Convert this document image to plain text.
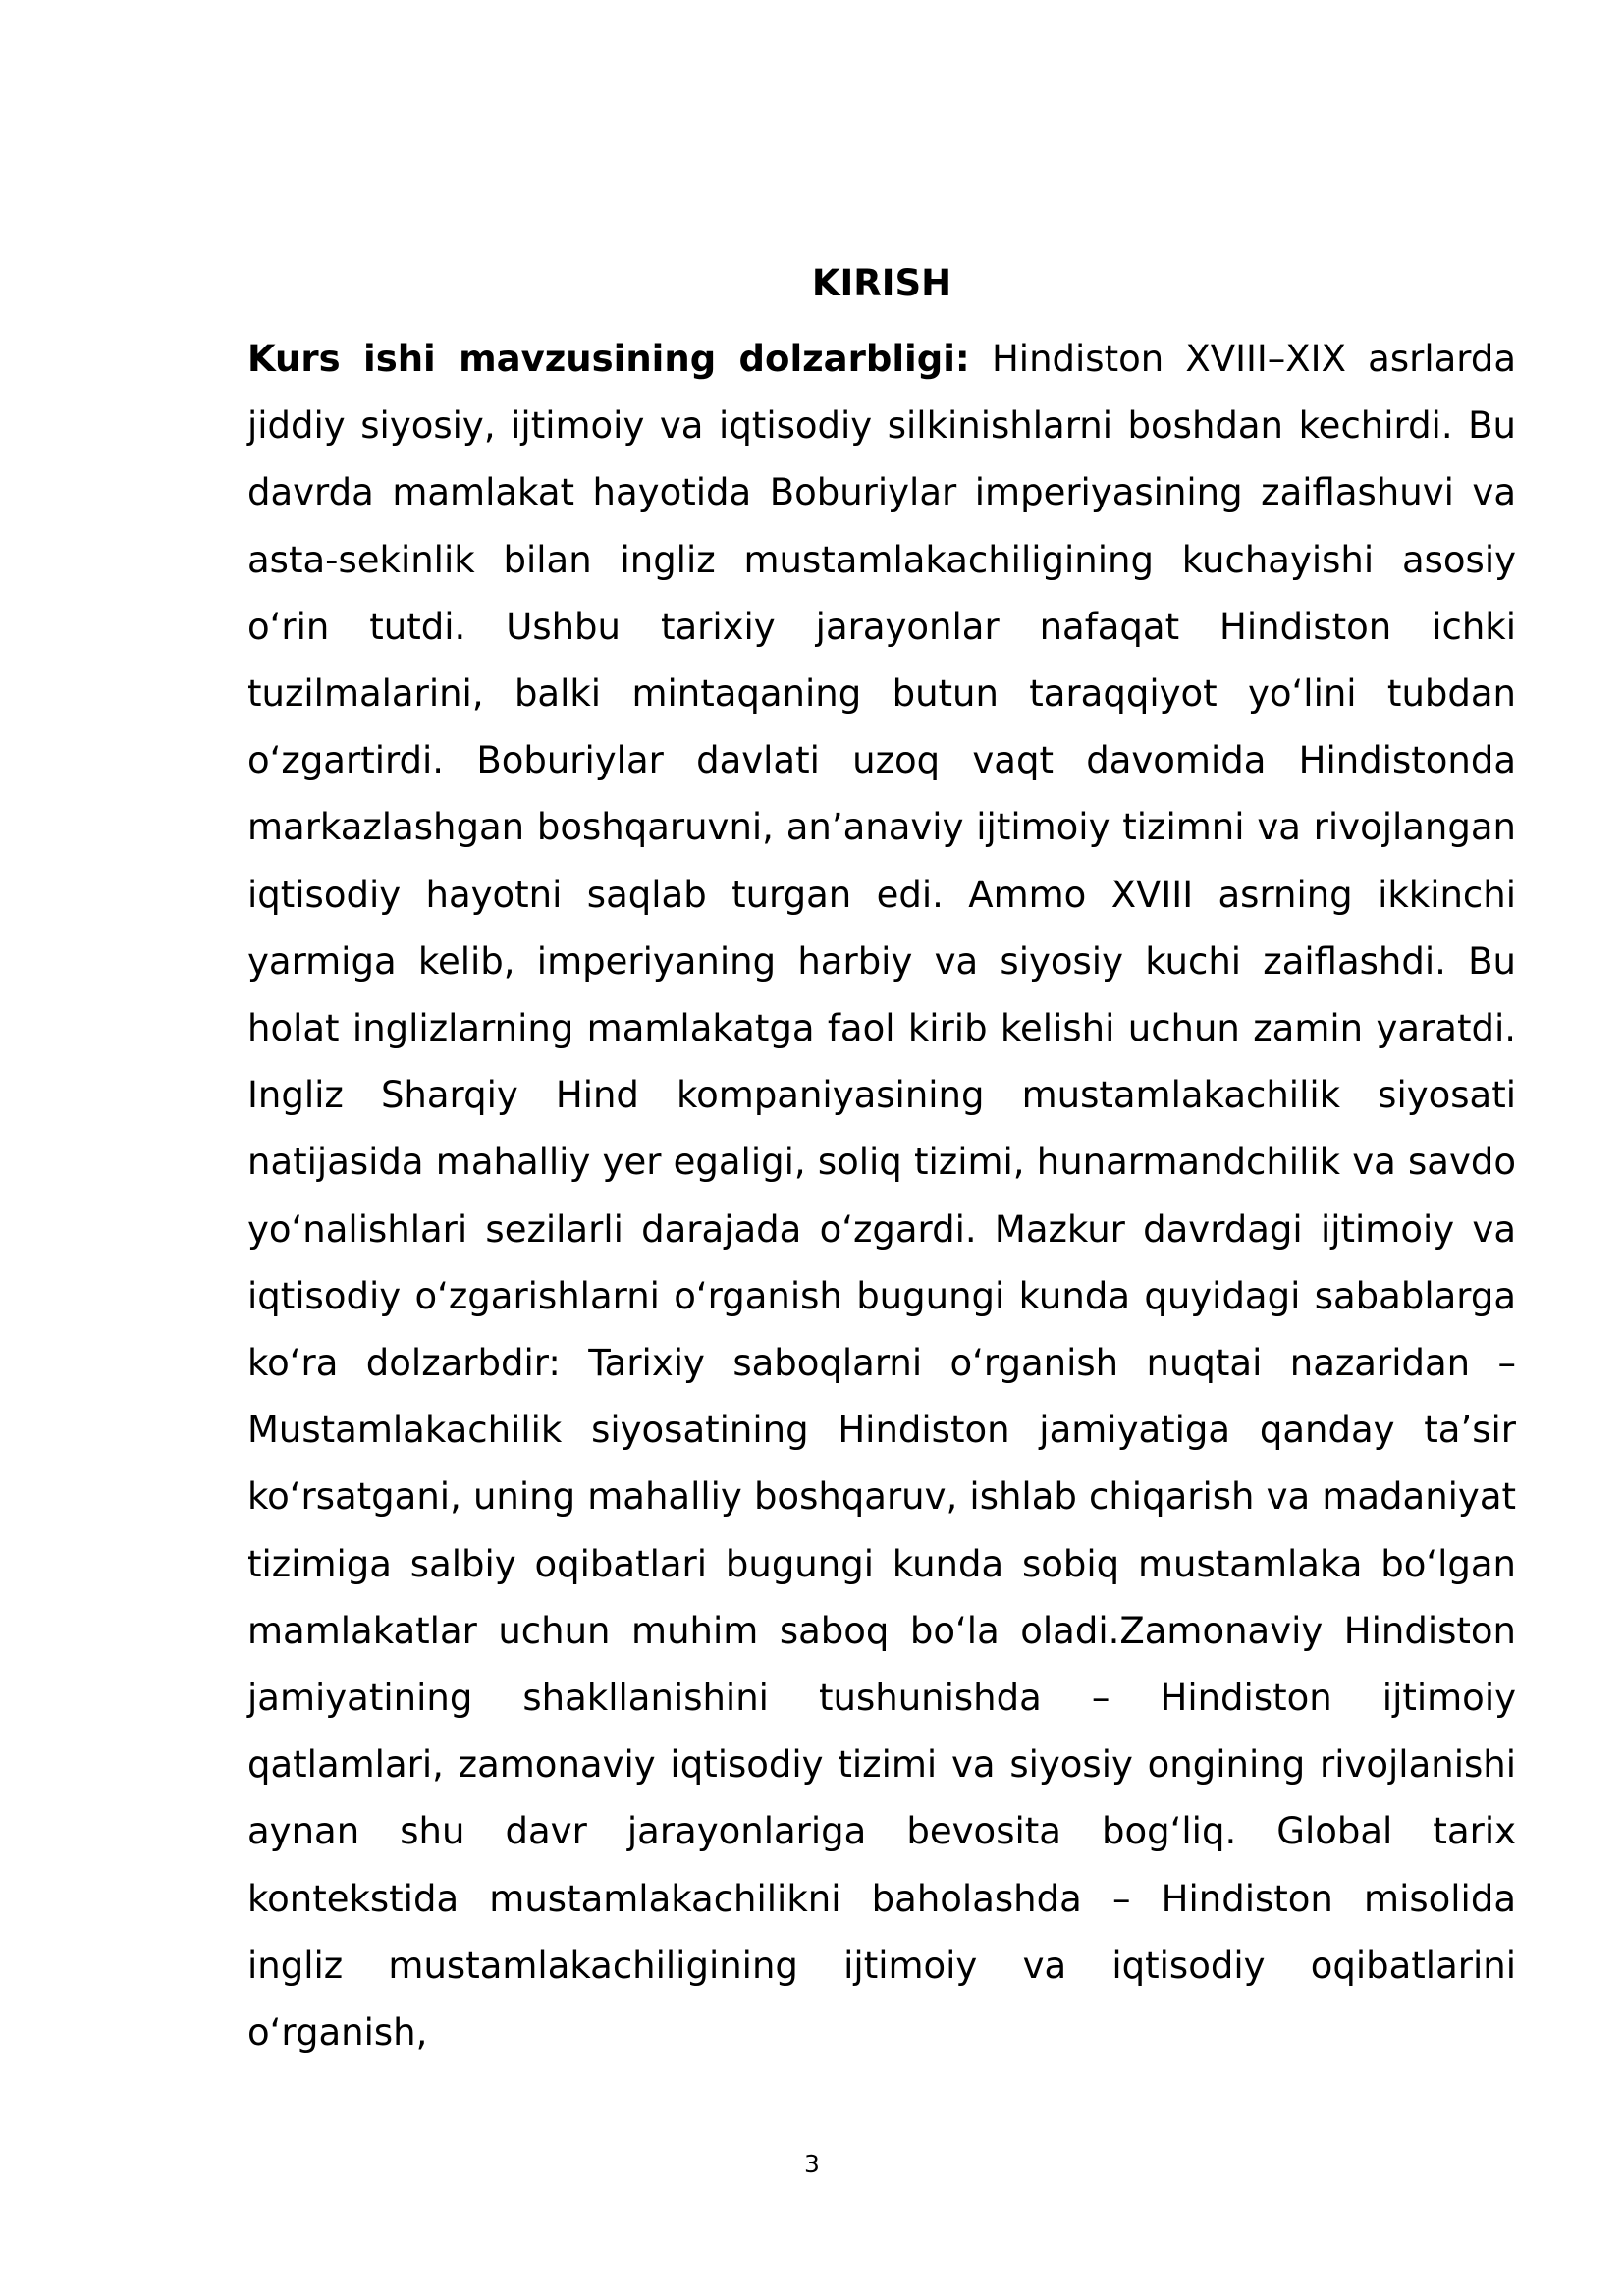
KIRISH

Kurs ishi mavzusining dolzarbligi: Hindiston XVIII–XIX asrlarda jiddiy siyosiy, ijtimoiy va iqtisodiy silkinishlarni boshdan kechirdi. Bu davrda mamlakat hayotida Boburiylar imperiyasining zaiflashuvi va asta-sekinlik bilan ingliz mustamlakachiligining kuchayishi asosiy oʻrin tutdi. Ushbu tarixiy jarayonlar nafaqat Hindiston ichki tuzilmalarini, balki mintaqaning butun taraqqiyot yoʻlini tubdan oʻzgartirdi. Boburiylar davlati uzoq vaqt davomida Hindistonda markazlashgan boshqaruvni, an’anaviy ijtimoiy tizimni va rivojlangan iqtisodiy hayotni saqlab turgan edi. Ammo XVIII asrning ikkinchi yarmiga kelib, imperiyaning harbiy va siyosiy kuchi zaiflashdi. Bu holat inglizlarning mamlakatga faol kirib kelishi uchun zamin yaratdi. Ingliz Sharqiy Hind kompaniyasining mustamlakachilik siyosati natijasida mahalliy yer egaligi, soliq tizimi, hunarmandchilik va savdo yoʻnalishlari sezilarli darajada oʻzgardi. Mazkur davrdagi ijtimoiy va iqtisodiy oʻzgarishlarni oʻrganish bugungi kunda quyidagi sabablarga koʻra dolzarbdir: Tarixiy saboqlarni oʻrganish nuqtai nazaridan – Mustamlakachilik siyosatining Hindiston jamiyatiga qanday ta’sir koʻrsatgani, uning mahalliy boshqaruv, ishlab chiqarish va madaniyat tizimiga salbiy oqibatlari bugungi kunda sobiq mustamlaka boʻlgan mamlakatlar uchun muhim saboq boʻla oladi.Zamonaviy Hindiston jamiyatining shakllanishini tushunishda – Hindiston ijtimoiy qatlamlari, zamonaviy iqtisodiy tizimi va siyosiy ongining rivojlanishi aynan shu davr jarayonlariga bevosita bogʻliq. Global tarix kontekstida mustamlakachilikni baholashda – Hindiston misolida ingliz mustamlakachiligining ijtimoiy va iqtisodiy oqibatlarini oʻrganish,

3
